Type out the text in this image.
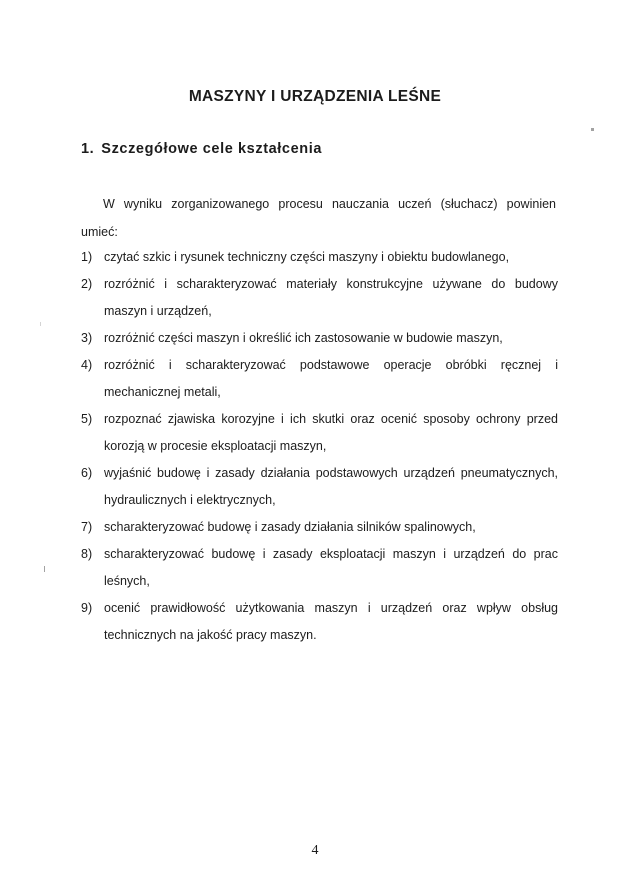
MASZYNY I URZĄDZENIA LEŚNE
1. Szczegółowe cele kształcenia

W wyniku zorganizowanego procesu nauczania uczeń (słuchacz) powinien umieć:

1) czytać szkic i rysunek techniczny części maszyny i obiektu budowlanego,
2) rozróżnić i scharakteryzować materiały konstrukcyjne używane do budowy maszyn i urządzeń,
3) rozróżnić części maszyn i określić ich zastosowanie w budowie maszyn,
4) rozróżnić i scharakteryzować podstawowe operacje obróbki ręcznej i mechanicznej metali,
5) rozpoznać zjawiska korozyjne i ich skutki oraz ocenić sposoby ochrony przed korozją w procesie eksploatacji maszyn,
6) wyjaśnić budowę i zasady działania podstawowych urządzeń pneumatycznych, hydraulicznych i elektrycznych,
7) scharakteryzować budowę i zasady działania silników spalinowych,
8) scharakteryzować budowę i zasady eksploatacji maszyn i urządzeń do prac leśnych,
9) ocenić prawidłowość użytkowania maszyn i urządzeń oraz wpływ obsług technicznych na jakość pracy maszyn.
4
